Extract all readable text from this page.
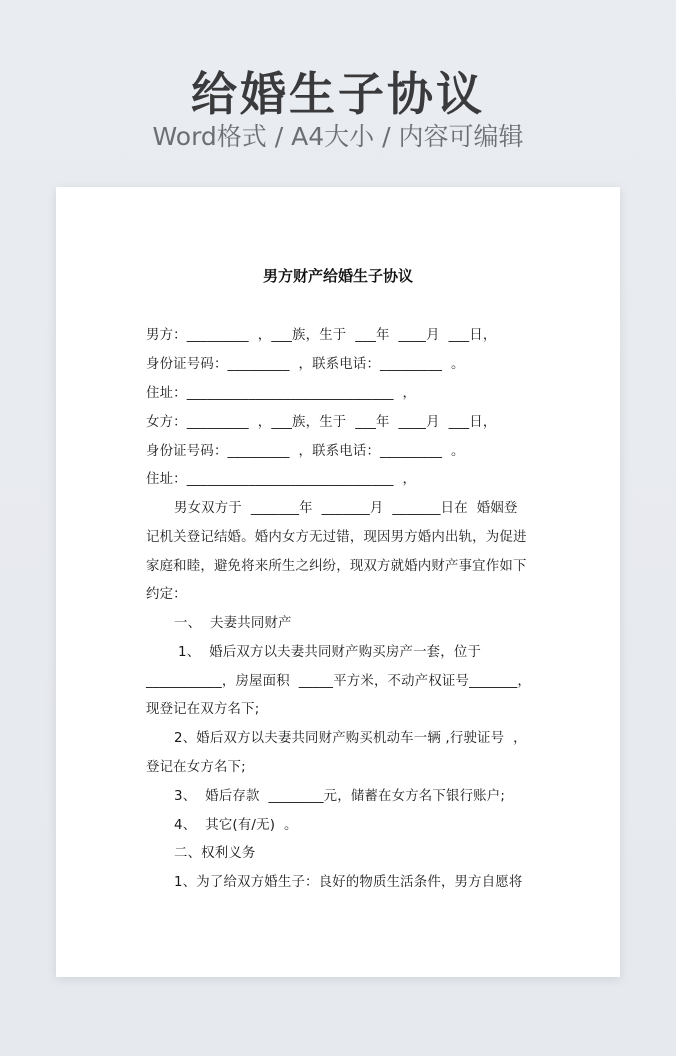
给婚生子协议
Word格式 / A4大小 / 内容可编辑
男方财产给婚生子协议
男方：_________  ，___族，生于  ___年  ____月  ___日，
身份证号码：_________  ，联系电话：_________  。
住址：______________________________  ，
女方：_________  ，___族，生于  ___年  ____月  ___日，
身份证号码：_________  ，联系电话：_________  。
住址：______________________________  ，
男女双方于  _______年  _______月  _______日在  婚姻登
记机关登记结婚。婚内女方无过错，现因男方婚内出轨，为促进
家庭和睦，避免将来所生之纠纷，现双方就婚内财产事宜作如下
约定：
一、  夫妻共同财产
1、  婚后双方以夫妻共同财产购买房产一套，位于
___________，房屋面积  _____平方米，不动产权证号_______，
现登记在双方名下;
2、婚后双方以夫妻共同财产购买机动车一辆 ,行驶证号  ，
登记在女方名下;
3、  婚后存款  ________元，储蓄在女方名下银行账户;
4、  其它(有/无)  。
二、权利义务
1、为了给双方婚生子：良好的物质生活条件，男方自愿将
